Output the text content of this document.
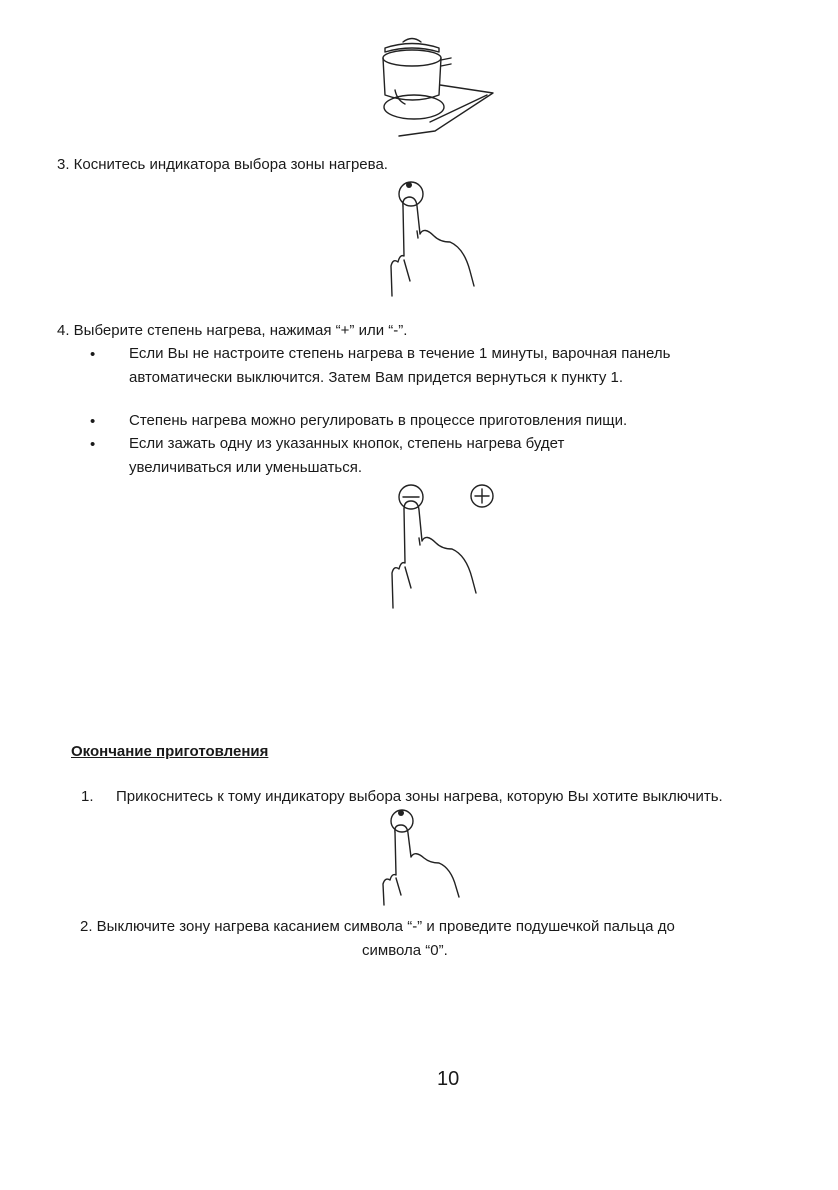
3. Коснитесь индикатора выбора зоны нагрева.
4. Выберите степень нагрева, нажимая “+” или “-”.
• Если Вы не настроите степень нагрева в течение 1 минуты, варочная панель автоматически выключится. Затем Вам придется вернуться к пункту 1.
• Степень нагрева можно регулировать в процессе приготовления пищи.
• Если зажать одну из указанных кнопок, степень нагрева будет увеличиваться или уменьшаться.
Окончание приготовления
1. Прикоснитесь к тому индикатору выбора зоны нагрева, которую Вы хотите выключить.
2. Выключите зону нагрева касанием символа “-” и проведите подушечкой пальца до
символа “0”.
10
